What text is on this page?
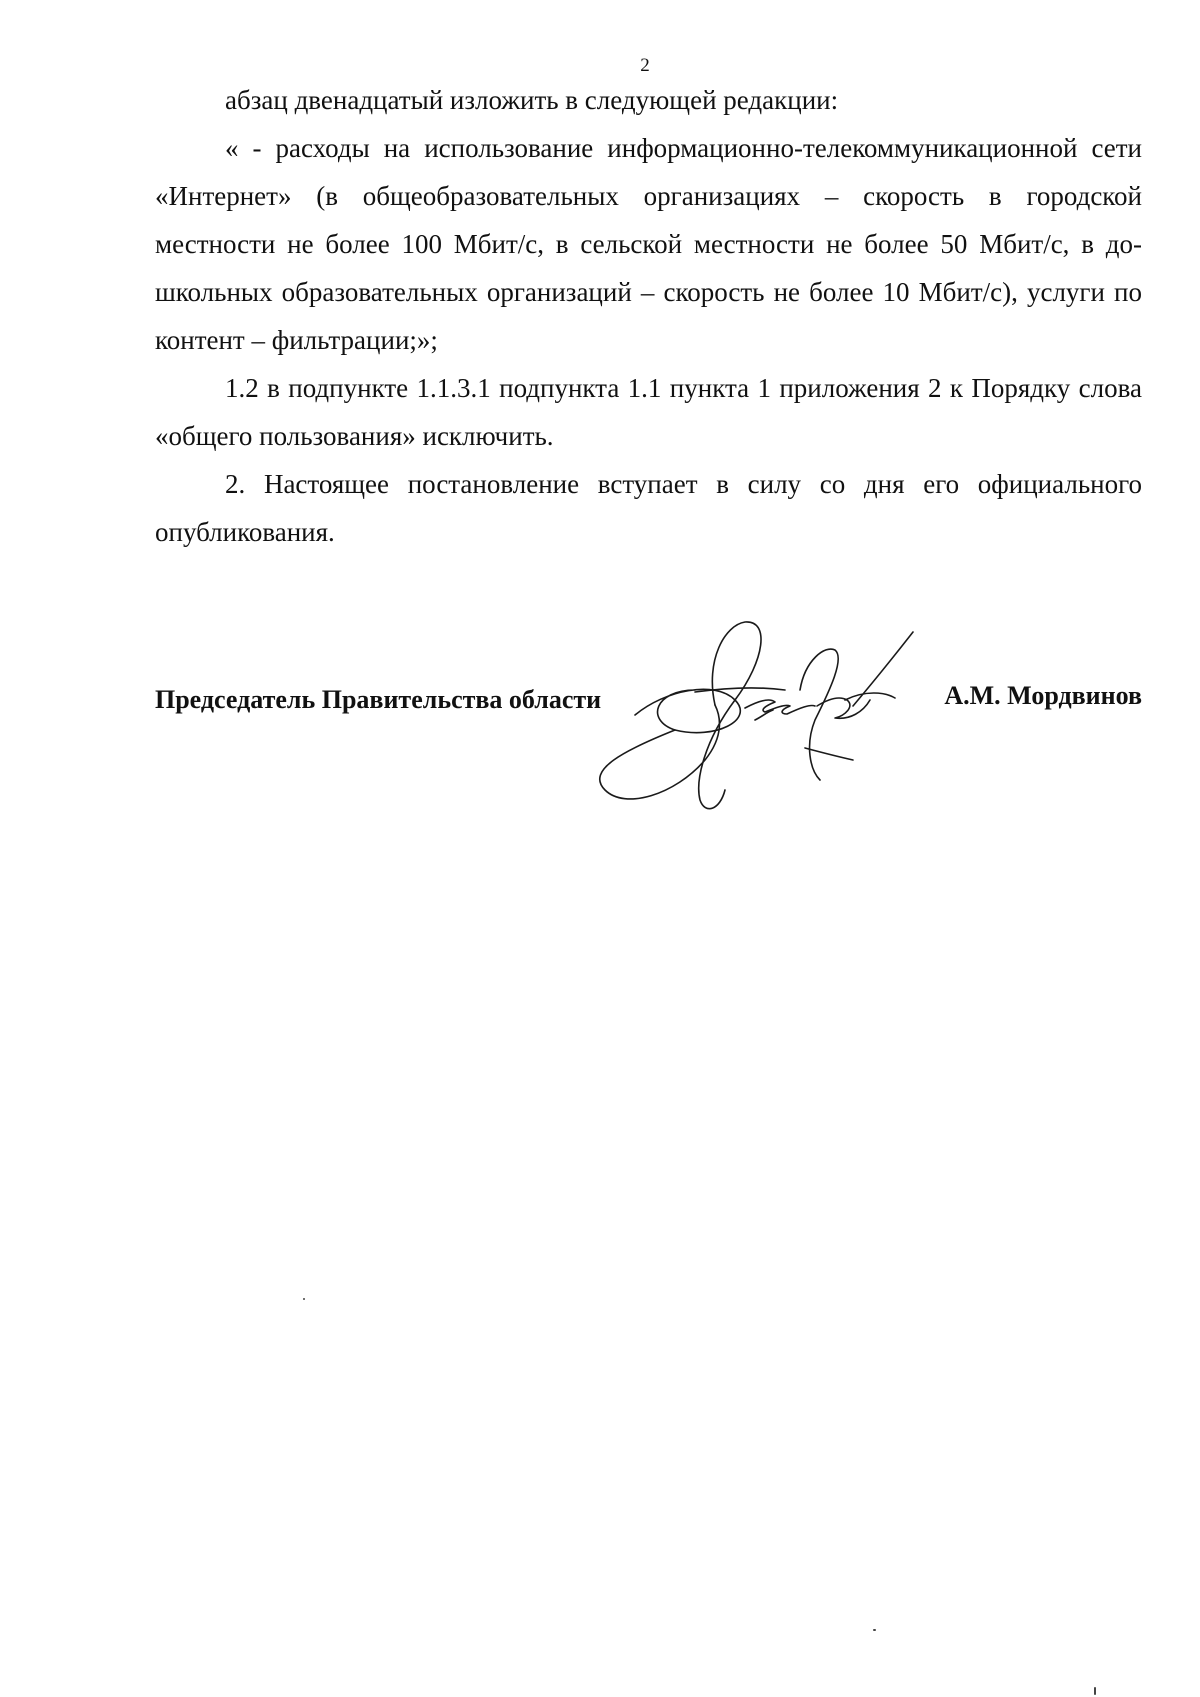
2

абзац двенадцатый изложить в следующей редакции:

« - расходы на использование информационно-телекоммуникационной сети «Интернет» (в общеобразовательных организациях – скорость в городской местности не более 100 Мбит/с, в сельской местности не более 50 Мбит/с, в дошкольных образовательных организаций – скорость не более 10 Мбит/с), услуги по контент – фильтрации;»;

1.2 в подпункте 1.1.3.1 подпункта 1.1 пункта 1 приложения 2 к Порядку слова «общего пользования» исключить.

2. Настоящее постановление вступает в силу со дня его официального опубликования.

Председатель Правительства области	А.М. Мордвинов
